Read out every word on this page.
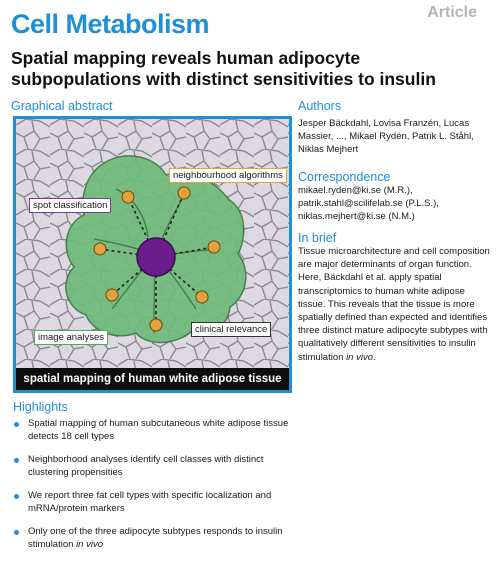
Cell Metabolism	Article
Spatial mapping reveals human adipocyte subpopulations with distinct sensitivities to insulin
Graphical abstract
neighbourhood algorithms
spot classification
image analyses
clinical relevance
spatial mapping of human white adipose tissue
Authors
Jesper Bäckdahl, Lovisa Franzén, Lucas Massier, ..., Mikael Rydén, Patrik L. Ståhl, Niklas Mejhert
Correspondence
mikael.ryden@ki.se (M.R.),
patrik.stahl@scilifelab.se (P.L.S.),
niklas.mejhert@ki.se (N.M.)
In brief
Tissue microarchitecture and cell composition are major determinants of organ function. Here, Bäckdahl et al. apply spatial transcriptomics to human white adipose tissue. This reveals that the tissue is more spatially defined than expected and identifies three distinct mature adipocyte subtypes with qualitatively different sensitivities to insulin stimulation in vivo.
Highlights
Spatial mapping of human subcutaneous white adipose tissue detects 18 cell types
Neighborhood analyses identify cell classes with distinct clustering propensities
We report three fat cell types with specific localization and mRNA/protein markers
Only one of the three adipocyte subtypes responds to insulin stimulation in vivo
